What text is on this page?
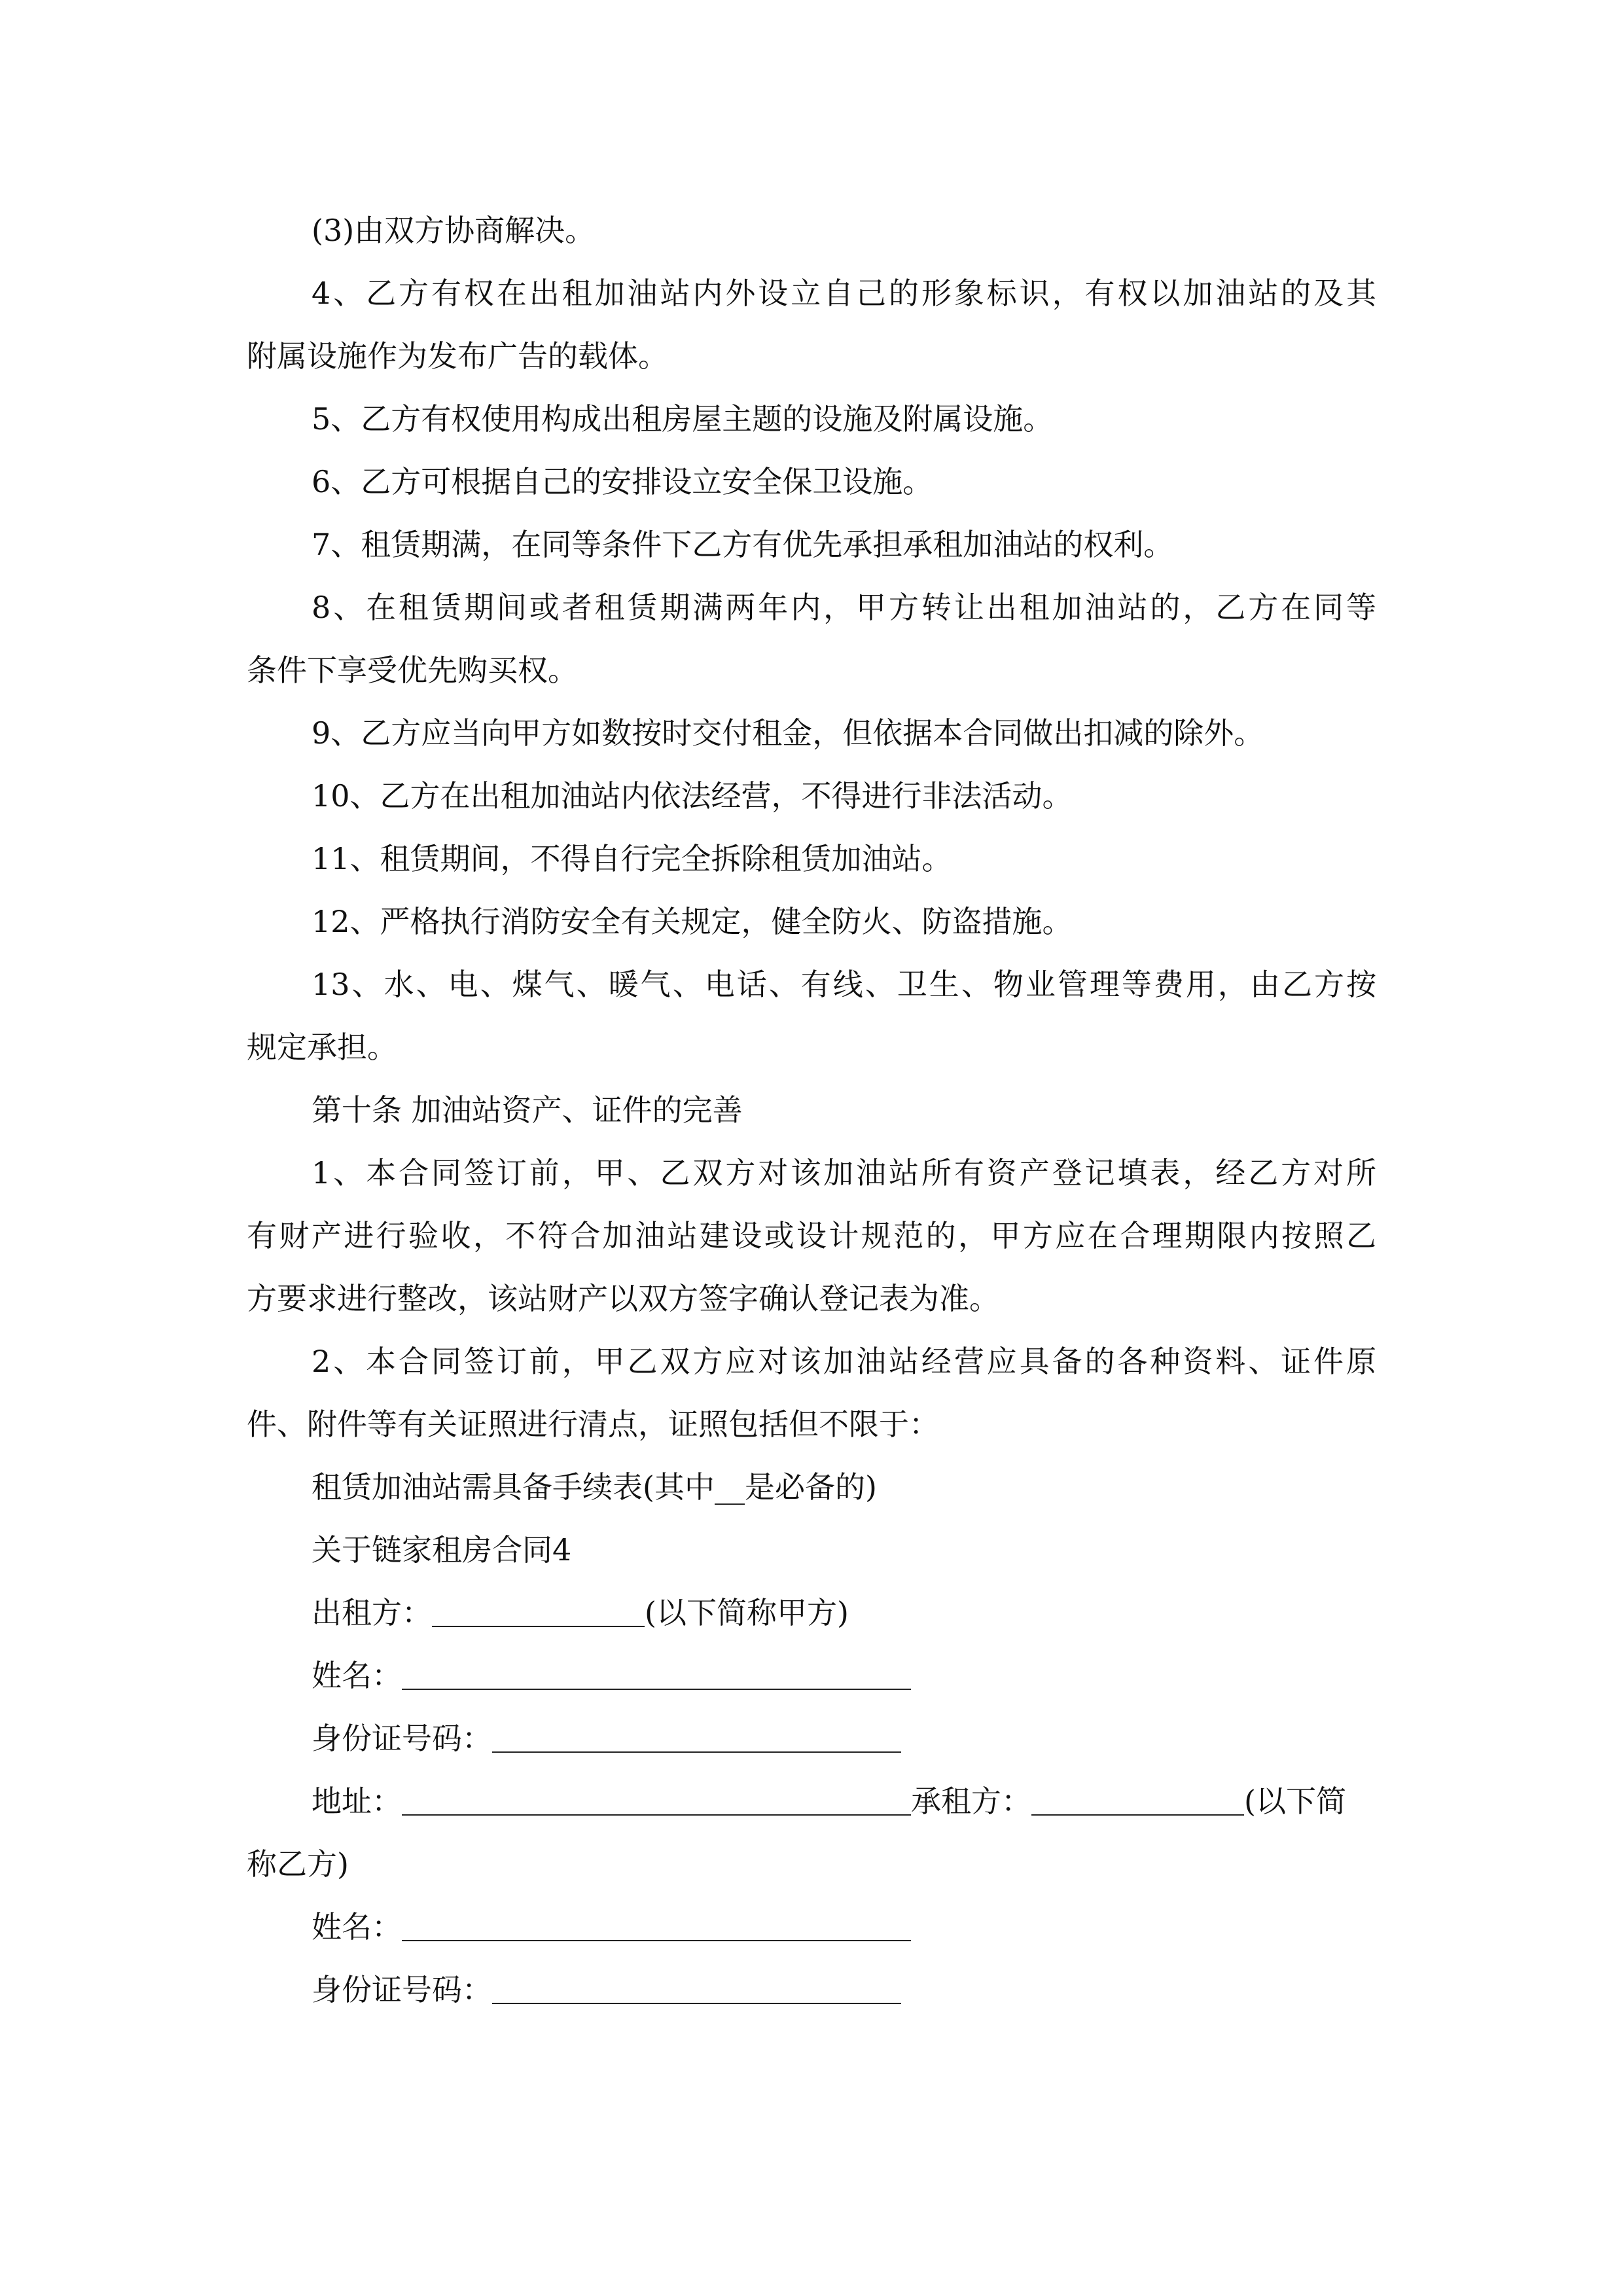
(3)由双方协商解决。
4、乙方有权在出租加油站内外设立自己的形象标识，有权以加油站的及其
附属设施作为发布广告的载体。
5、乙方有权使用构成出租房屋主题的设施及附属设施。
6、乙方可根据自己的安排设立安全保卫设施。
7、租赁期满，在同等条件下乙方有优先承担承租加油站的权利。
8、在租赁期间或者租赁期满两年内，甲方转让出租加油站的，乙方在同等
条件下享受优先购买权。
9、乙方应当向甲方如数按时交付租金，但依据本合同做出扣减的除外。
10、乙方在出租加油站内依法经营，不得进行非法活动。
11、租赁期间，不得自行完全拆除租赁加油站。
12、严格执行消防安全有关规定，健全防火、防盗措施。
13、水、电、煤气、暖气、电话、有线、卫生、物业管理等费用，由乙方按
规定承担。
第十条 加油站资产、证件的完善
1、本合同签订前，甲、乙双方对该加油站所有资产登记填表，经乙方对所
有财产进行验收，不符合加油站建设或设计规范的，甲方应在合理期限内按照乙
方要求进行整改，该站财产以双方签字确认登记表为准。
2、本合同签订前，甲乙双方应对该加油站经营应具备的各种资料、证件原
件、附件等有关证照进行清点，证照包括但不限于：
租赁加油站需具备手续表(其中__是必备的)
关于链家租房合同4
出租方：	(以下简称甲方)
姓名：
身份证号码：
地址：	承租方：	(以下简
称乙方)
姓名：
身份证号码：
